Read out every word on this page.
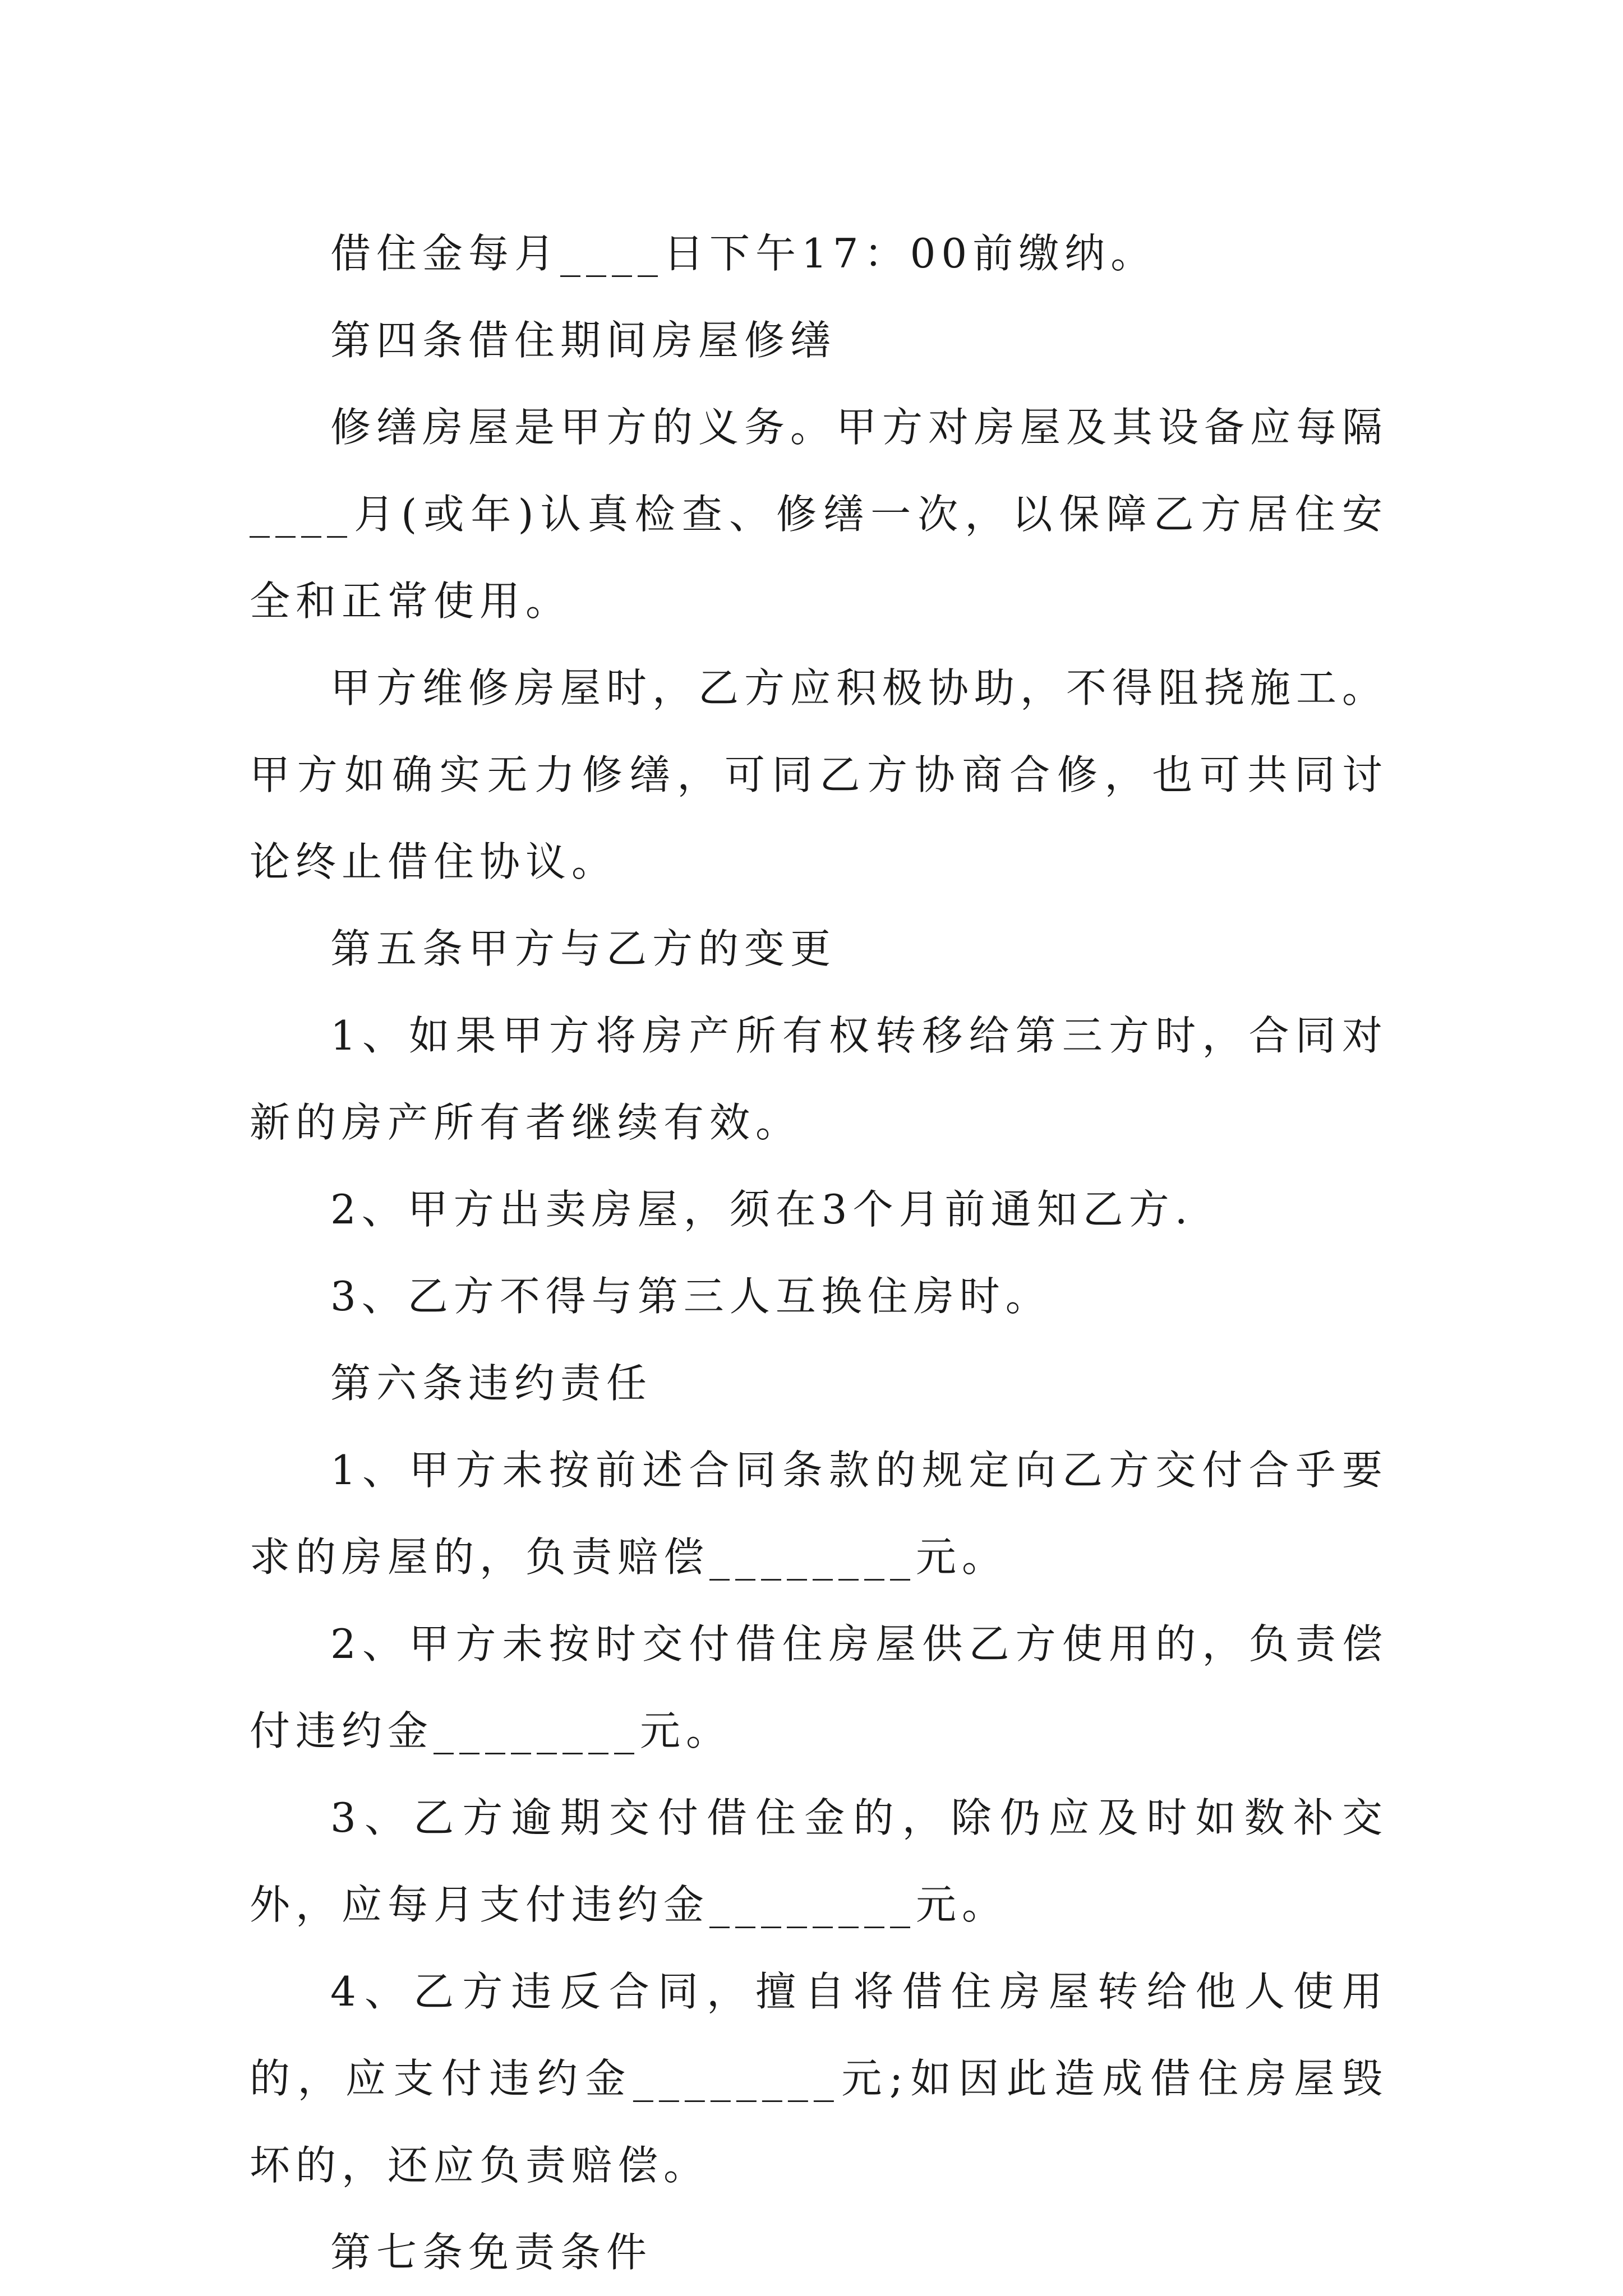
借住金每月____日下午17：00前缴纳。

第四条借住期间房屋修缮

修缮房屋是甲方的义务。甲方对房屋及其设备应每隔____月(或年)认真检查、修缮一次，以保障乙方居住安全和正常使用。

甲方维修房屋时，乙方应积极协助，不得阻挠施工。甲方如确实无力修缮，可同乙方协商合修，也可共同讨论终止借住协议。

第五条甲方与乙方的变更

1、如果甲方将房产所有权转移给第三方时，合同对新的房产所有者继续有效。

2、甲方出卖房屋，须在3个月前通知乙方.

3、乙方不得与第三人互换住房时。

第六条违约责任

1、甲方未按前述合同条款的规定向乙方交付合乎要求的房屋的，负责赔偿________元。

2、甲方未按时交付借住房屋供乙方使用的，负责偿付违约金________元。

3、乙方逾期交付借住金的，除仍应及时如数补交外，应每月支付违约金________元。

4、乙方违反合同，擅自将借住房屋转给他人使用的，应支付违约金________元;如因此造成借住房屋毁坏的，还应负责赔偿。

第七条免责条件
